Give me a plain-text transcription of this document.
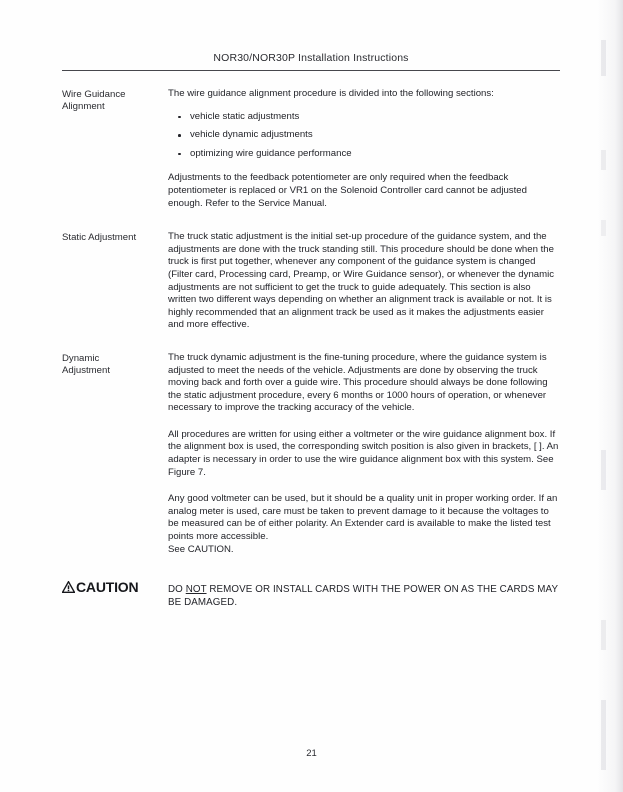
NOR30/NOR30P Installation Instructions
Wire Guidance
Alignment

The wire guidance alignment procedure is divided into the following sections:

vehicle static adjustments
vehicle dynamic adjustments
optimizing wire guidance performance

Adjustments to the feedback potentiometer are only required when the feedback potentiometer is replaced or VR1 on the Solenoid Controller card cannot be adjusted enough. Refer to the Service Manual.

Static Adjustment	The truck static adjustment is the initial set-up procedure of the guidance system, and the adjustments are done with the truck standing still. This procedure should be done when the truck is first put together, whenever any component of the guidance system is changed (Filter card, Processing card, Preamp, or Wire Guidance sensor), or whenever the dynamic adjustments are not sufficient to get the truck to guide adequately. This section is also written two different ways depending on whether an alignment track is available or not. It is highly recommended that an alignment track be used as it makes the adjustments easier and more effective.

Dynamic
Adjustment

The truck dynamic adjustment is the fine-tuning procedure, where the guidance system is adjusted to meet the needs of the vehicle. Adjustments are done by observing the truck moving back and forth over a guide wire. This procedure should always be done following the static adjustment procedure, every 6 months or 1000 hours of operation, or whenever necessary to improve the tracking accuracy of the vehicle.

All procedures are written for using either a voltmeter or the wire guidance alignment box. If the alignment box is used, the corresponding switch position is also given in brackets, [ ]. An adapter is necessary in order to use the wire guidance alignment box with this system. See Figure 7.

Any good voltmeter can be used, but it should be a quality unit in proper working order. If an analog meter is used, care must be taken to prevent damage to it because the voltages to be measured can be of either polarity. An Extender card is available to make the listed test points more accessible.

See CAUTION.

CAUTION	DO NOT REMOVE OR INSTALL CARDS WITH THE POWER ON AS THE CARDS MAY BE DAMAGED.
21
